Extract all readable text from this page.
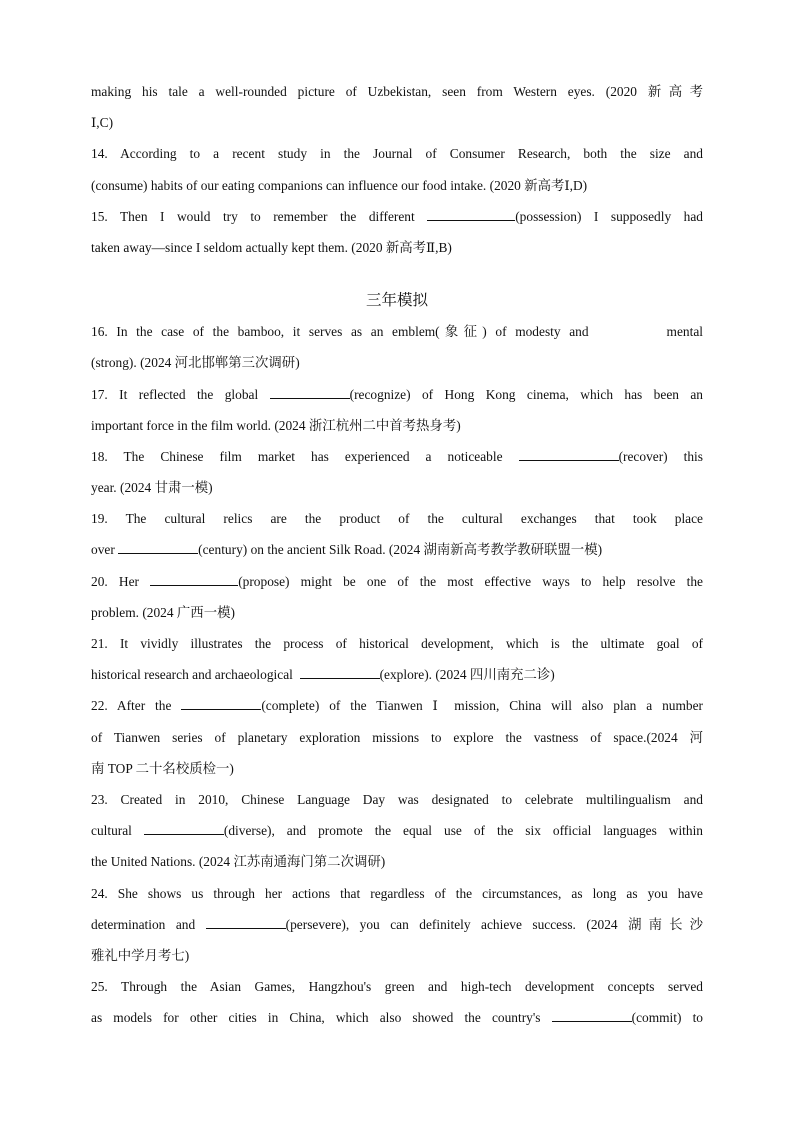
making his tale a well-rounded picture of Uzbekistan, seen from Western eyes. (2020 新高考
Ⅰ,C)
14. According to a recent study in the Journal of Consumer Research, both the size and
(consume) habits of our eating companions can influence our food intake. (2020 新高考Ⅰ,D)
15. Then I would try to remember the different	(possession) I supposedly had
taken away—since I seldom actually kept them. (2020 新高考Ⅱ,B)
三年模拟
16. In the case of the bamboo, it serves as an emblem(象征) of modesty and	mental
(strong). (2024 河北邯郸第三次调研)
17. It reflected the global	(recognize) of Hong Kong cinema, which has been an
important force in the film world. (2024 浙江杭州二中首考热身考)
18. The Chinese film market has experienced a noticeable	(recover) this
year. (2024 甘肃一模)
19. The cultural relics are the product of the cultural exchanges that took place
over	(century) on the ancient Silk Road. (2024 湖南新高考教学教研联盟一模)
20. Her	(propose) might be one of the most effective ways to help resolve the
problem. (2024 广西一模)
21. It vividly illustrates the process of historical development, which is the ultimate goal of
historical research and archaeological	(explore). (2024 四川南充二诊)
22. After the	(complete) of the Tianwen Ⅰ mission, China will also plan a number
of Tianwen series of planetary exploration missions to explore the vastness of space.(2024 河
南 TOP 二十名校质检一)
23. Created in 2010, Chinese Language Day was designated to celebrate multilingualism and
cultural	(diverse), and promote the equal use of the six official languages within
the United Nations. (2024 江苏南通海门第二次调研)
24. She shows us through her actions that regardless of the circumstances, as long as you have
determination and	(persevere), you can definitely achieve success. (2024 湖南长沙
雅礼中学月考七)
25. Through the Asian Games, Hangzhou's green and high-tech development concepts served
as models for other cities in China, which also showed the country's	(commit) to
